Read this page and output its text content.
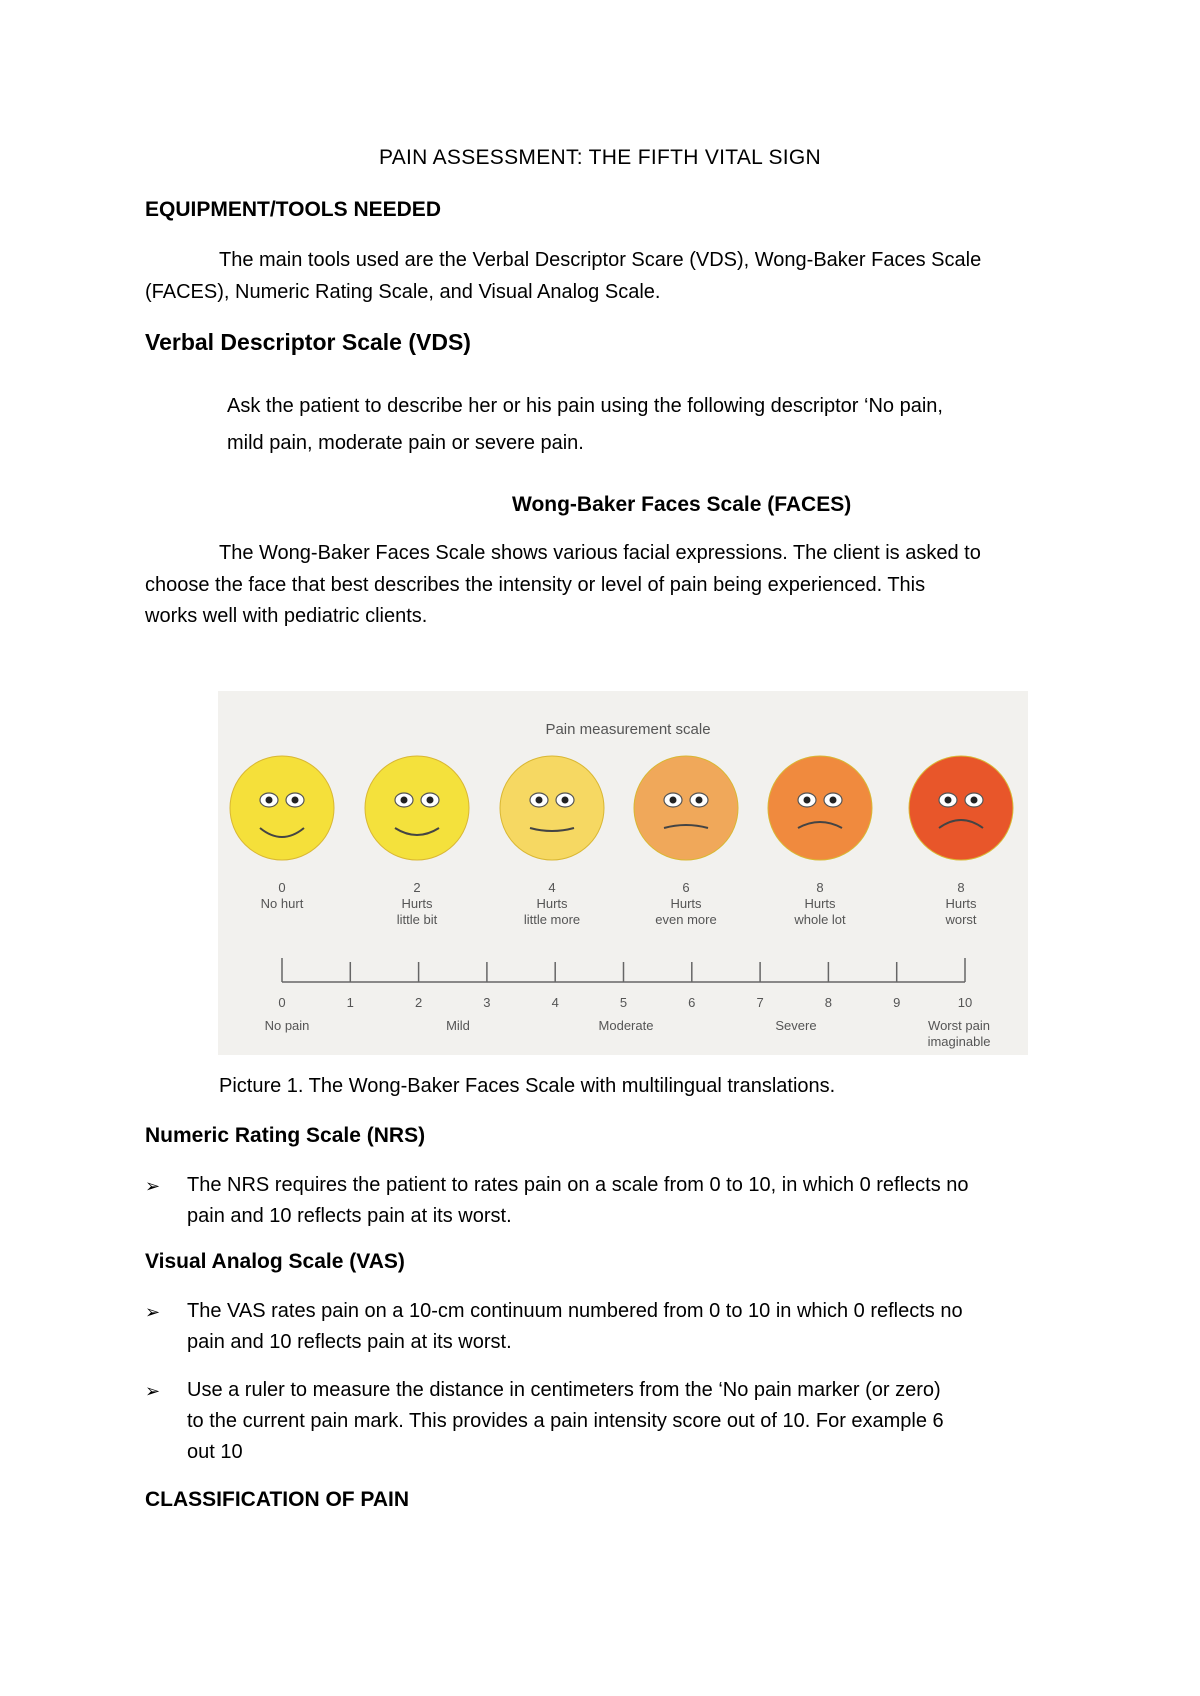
PAIN ASSESSMENT: THE FIFTH VITAL SIGN
EQUIPMENT/TOOLS NEEDED
The main tools used are the Verbal Descriptor Scare (VDS), Wong-Baker Faces Scale
(FACES), Numeric Rating Scale, and Visual Analog Scale.
Verbal Descriptor Scale (VDS)
Ask the patient to describe her or his pain using the following descriptor ‘No pain,
mild pain, moderate pain or severe pain.
Wong-Baker Faces Scale (FACES)
The Wong-Baker Faces Scale shows various facial expressions. The client is asked to
choose the face that best describes the intensity or level of pain being experienced. This
works well with pediatric clients.
Pain measurement scale
0
No hurt
2
Hurts
little bit
4
Hurts
little more
6
Hurts
even more
8
Hurts
whole lot
8
Hurts
worst
0	1	2	3	4	5	6	7	8	9	10
No pain	Mild	Moderate	Severe	Worst pain
imaginable
Picture 1. The Wong-Baker Faces Scale with multilingual translations.
Numeric Rating Scale (NRS)
➢ The NRS requires the patient to rates pain on a scale from 0 to 10, in which 0 reflects no
pain and 10 reflects pain at its worst.
Visual Analog Scale (VAS)
➢ The VAS rates pain on a 10-cm continuum numbered from 0 to 10 in which 0 reflects no
pain and 10 reflects pain at its worst.
➢ Use a ruler to measure the distance in centimeters from the ‘No pain marker (or zero)
to the current pain mark. This provides a pain intensity score out of 10. For example 6
out 10
CLASSIFICATION OF PAIN
